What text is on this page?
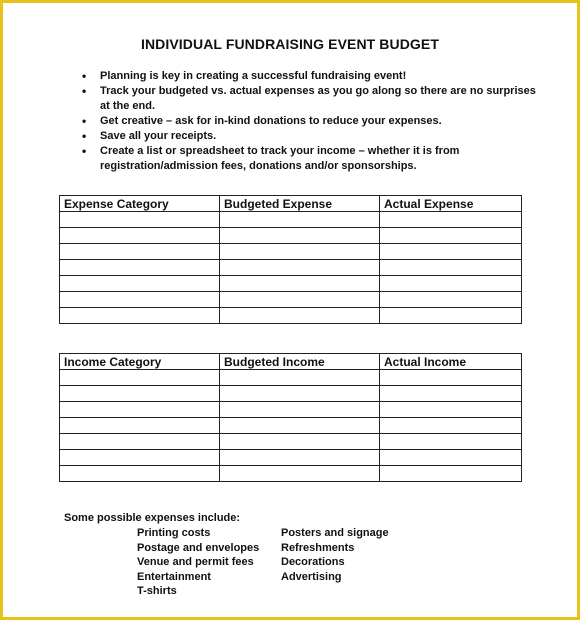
INDIVIDUAL FUNDRAISING EVENT BUDGET
• Planning is key in creating a successful fundraising event!
• Track your budgeted vs. actual expenses as you go along so there are no surprises at the end.
• Get creative – ask for in-kind donations to reduce your expenses.
• Save all your receipts.
• Create a list or spreadsheet to track your income – whether it is from registration/admission fees, donations and/or sponsorships.
Expense Category	Budgeted Expense	Actual Expense

Income Category	Budgeted Income	Actual Income

Some possible expenses include:
Printing costs
Postage and envelopes
Venue and permit fees
Entertainment
T-shirts
Posters and signage
Refreshments
Decorations
Advertising
